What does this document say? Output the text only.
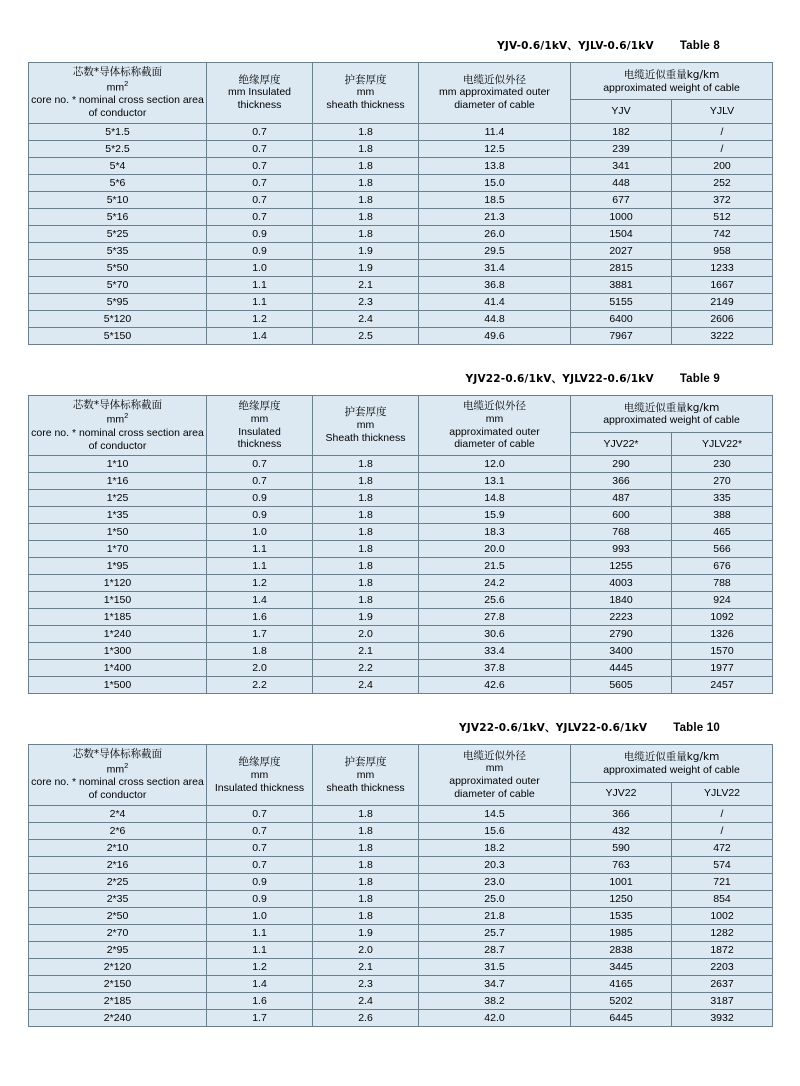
YJV-0.6/1kV、YJLV-0.6/1kV Table 8
芯数*导体标称截面
$mm^2$
core no. * nominal cross section area of conductor

绝缘厚度
mm Insulated
thickness

护套厚度
mm
sheath thickness

电缆近似外径
mm approximated outer
diameter of cable

电缆近似重量kg/km
approximated weight of cable

				YJV	YJLV
5*1.5	0.7	1.8	11.4	182	/
5*2.5	0.7	1.8	12.5	239	/
5*4	0.7	1.8	13.8	341	200
5*6	0.7	1.8	15.0	448	252
5*10	0.7	1.8	18.5	677	372
5*16	0.7	1.8	21.3	1000	512
5*25	0.9	1.8	26.0	1504	742
5*35	0.9	1.9	29.5	2027	958
5*50	1.0	1.9	31.4	2815	1233
5*70	1.1	2.1	36.8	3881	1667
5*95	1.1	2.3	41.4	5155	2149
5*120	1.2	2.4	44.8	6400	2606
5*150	1.4	2.5	49.6	7967	3222
YJV22-0.6/1kV、YJLV22-0.6/1kV Table 9
芯数*导体标称截面
$mm^2$
core no. * nominal cross section area of conductor

绝缘厚度
mm
Insulated
thickness

护套厚度
mm
Sheath thickness

电缆近似外径
mm
approximated outer
diameter of cable

电缆近似重量kg/km
approximated weight of cable

				YJV22*	YJLV22*
1*10	0.7	1.8	12.0	290	230
1*16	0.7	1.8	13.1	366	270
1*25	0.9	1.8	14.8	487	335
1*35	0.9	1.8	15.9	600	388
1*50	1.0	1.8	18.3	768	465
1*70	1.1	1.8	20.0	993	566
1*95	1.1	1.8	21.5	1255	676
1*120	1.2	1.8	24.2	4003	788
1*150	1.4	1.8	25.6	1840	924
1*185	1.6	1.9	27.8	2223	1092
1*240	1.7	2.0	30.6	2790	1326
1*300	1.8	2.1	33.4	3400	1570
1*400	2.0	2.2	37.8	4445	1977
1*500	2.2	2.4	42.6	5605	2457
YJV22-0.6/1kV、YJLV22-0.6/1kV Table 10
芯数*导体标称截面
$mm^2$
core no. * nominal cross section area of conductor

绝缘厚度
mm
Insulated thickness

护套厚度
mm
sheath thickness

电缆近似外径
mm
approximated outer
diameter of cable

电缆近似重量kg/km
approximated weight of cable

				YJV22	YJLV22
2*4	0.7	1.8	14.5	366	/
2*6	0.7	1.8	15.6	432	/
2*10	0.7	1.8	18.2	590	472
2*16	0.7	1.8	20.3	763	574
2*25	0.9	1.8	23.0	1001	721
2*35	0.9	1.8	25.0	1250	854
2*50	1.0	1.8	21.8	1535	1002
2*70	1.1	1.9	25.7	1985	1282
2*95	1.1	2.0	28.7	2838	1872
2*120	1.2	2.1	31.5	3445	2203
2*150	1.4	2.3	34.7	4165	2637
2*185	1.6	2.4	38.2	5202	3187
2*240	1.7	2.6	42.0	6445	3932
